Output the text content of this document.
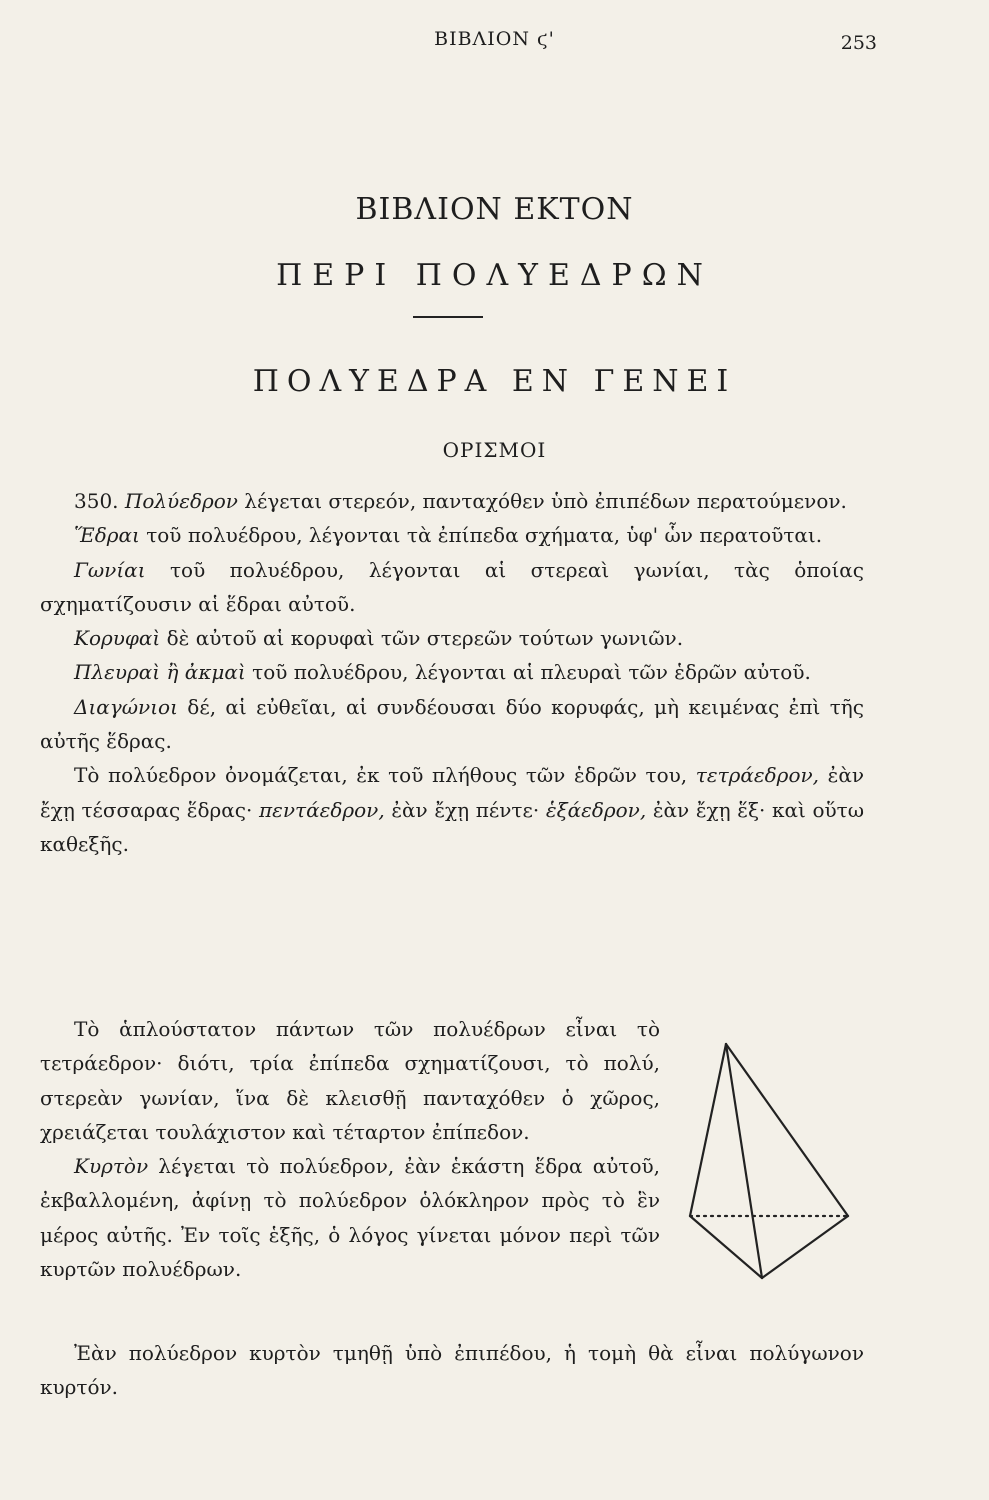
ΒΙΒΛΙΟΝ ϛ'	253
ΒΙΒΛΙΟΝ ΕΚΤΟΝ
ΠΕΡΙ ΠΟΛΥΕΔΡΩΝ
ΠΟΛΥΕΔΡΑ ΕΝ ΓΕΝΕΙ
ΟΡΙΣΜΟΙ

350. Πολύεδρον λέγεται στερεόν, πανταχόθεν ὑπὸ ἐπιπέδων περατούμενον.

Ἕδραι τοῦ πολυέδρου, λέγονται τὰ ἐπίπεδα σχήματα, ὑφ' ὧν περατοῦται.

Γωνίαι τοῦ πολυέδρου, λέγονται αἱ στερεαὶ γωνίαι, τὰς ὁποίας σχηματίζουσιν αἱ ἕδραι αὐτοῦ.

Κορυφαὶ δὲ αὐτοῦ αἱ κορυφαὶ τῶν στερεῶν τούτων γωνιῶν.

Πλευραὶ ἢ ἀκμαὶ τοῦ πολυέδρου, λέγονται αἱ πλευραὶ τῶν ἑδρῶν αὐτοῦ.

Διαγώνιοι δέ, αἱ εὐθεῖαι, αἱ συνδέουσαι δύο κορυφάς, μὴ κειμένας ἐπὶ τῆς αὐτῆς ἕδρας.

Τὸ πολύεδρον ὀνομάζεται, ἐκ τοῦ πλήθους τῶν ἑδρῶν του, τετράεδρον, ἐὰν ἔχῃ τέσσαρας ἕδρας· πεντάεδρον, ἐὰν ἔχῃ πέντε· ἑξάεδρον, ἐὰν ἔχῃ ἕξ· καὶ οὕτω καθεξῆς.

Τὸ ἁπλούστατον πάντων τῶν πολυέδρων εἶναι τὸ τετράεδρον· διότι, τρία ἐπίπεδα σχηματίζουσι, τὸ πολύ, στερεὰν γωνίαν, ἵνα δὲ κλεισθῇ πανταχόθεν ὁ χῶρος, χρειάζεται τουλάχιστον καὶ τέταρτον ἐπίπεδον.

Κυρτὸν λέγεται τὸ πολύεδρον, ἐὰν ἑκάστη ἕδρα αὐτοῦ, ἐκβαλλομένη, ἀφίνῃ τὸ πολύεδρον ὁλόκληρον πρὸς τὸ ἓν μέρος αὐτῆς. Ἐν τοῖς ἑξῆς, ὁ λόγος γίνεται μόνον περὶ τῶν κυρτῶν πολυέδρων.

Ἐὰν πολύεδρον κυρτὸν τμηθῇ ὑπὸ ἐπιπέδου, ἡ τομὴ θὰ εἶναι πολύγωνον κυρτόν.
